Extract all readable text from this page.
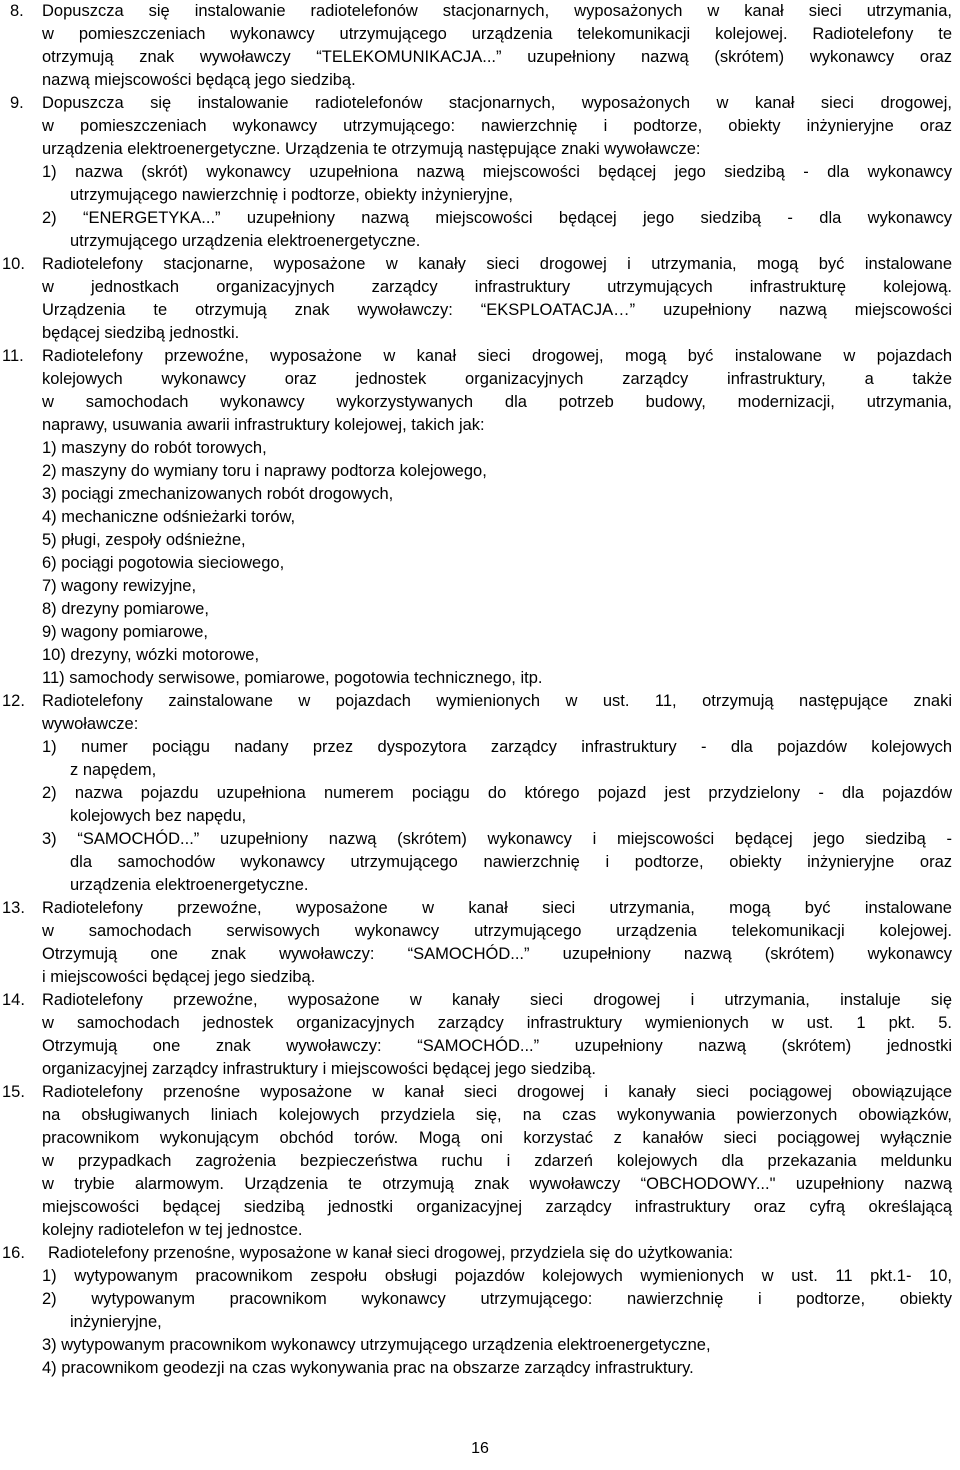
8. Dopuszcza się instalowanie radiotelefonów stacjonarnych, wyposażonych w kanał sieci utrzymania,
w pomieszczeniach wykonawcy utrzymującego urządzenia telekomunikacji kolejowej. Radiotelefony te
otrzymują znak wywoławczy “TELEKOMUNIKACJA...” uzupełniony nazwą (skrótem) wykonawcy oraz
nazwą miejscowości będącą jego siedzibą.
9. Dopuszcza się instalowanie radiotelefonów stacjonarnych, wyposażonych w kanał sieci drogowej,
w pomieszczeniach wykonawcy utrzymującego: nawierzchnię i podtorze, obiekty inżynieryjne oraz
urządzenia elektroenergetyczne. Urządzenia te otrzymują następujące znaki wywoławcze:
1) nazwa (skrót) wykonawcy uzupełniona nazwą miejscowości będącej jego siedzibą - dla wykonawcy
utrzymującego nawierzchnię i podtorze, obiekty inżynieryjne,
2) “ENERGETYKA...” uzupełniony nazwą miejscowości będącej jego siedzibą - dla wykonawcy
utrzymującego urządzenia elektroenergetyczne.
10. Radiotelefony stacjonarne, wyposażone w kanały sieci drogowej i utrzymania, mogą być instalowane
w jednostkach organizacyjnych zarządcy infrastruktury utrzymujących infrastrukturę kolejową.
Urządzenia te otrzymują znak wywoławczy: “EKSPLOATACJA…” uzupełniony nazwą miejscowości
będącej siedzibą jednostki.
11. Radiotelefony przewoźne, wyposażone w kanał sieci drogowej, mogą być instalowane w pojazdach
kolejowych wykonawcy oraz jednostek organizacyjnych zarządcy infrastruktury, a także
w samochodach wykonawcy wykorzystywanych dla potrzeb budowy, modernizacji, utrzymania,
naprawy, usuwania awarii infrastruktury kolejowej, takich jak:
1) maszyny do robót torowych,
2) maszyny do wymiany toru i naprawy podtorza kolejowego,
3) pociągi zmechanizowanych robót drogowych,
4) mechaniczne odśnieżarki torów,
5) pługi, zespoły odśnieżne,
6) pociągi pogotowia sieciowego,
7) wagony rewizyjne,
8) drezyny pomiarowe,
9) wagony pomiarowe,
10) drezyny, wózki motorowe,
11) samochody serwisowe, pomiarowe, pogotowia technicznego, itp.
12. Radiotelefony zainstalowane w pojazdach wymienionych w ust. 11, otrzymują następujące znaki
wywoławcze:
1) numer pociągu nadany przez dyspozytora zarządcy infrastruktury - dla pojazdów kolejowych
z napędem,
2) nazwa pojazdu uzupełniona numerem pociągu do którego pojazd jest przydzielony - dla pojazdów
kolejowych bez napędu,
3) “SAMOCHÓD...” uzupełniony nazwą (skrótem) wykonawcy i miejscowości będącej jego siedzibą -
dla samochodów wykonawcy utrzymującego nawierzchnię i podtorze, obiekty inżynieryjne oraz
urządzenia elektroenergetyczne.
13. Radiotelefony przewoźne, wyposażone w kanał sieci utrzymania, mogą być instalowane
w samochodach serwisowych wykonawcy utrzymującego urządzenia telekomunikacji kolejowej.
Otrzymują one znak wywoławczy: “SAMOCHÓD...” uzupełniony nazwą (skrótem) wykonawcy
i miejscowości będącej jego siedzibą.
14. Radiotelefony przewoźne, wyposażone w kanały sieci drogowej i utrzymania, instaluje się
w samochodach jednostek organizacyjnych zarządcy infrastruktury wymienionych w ust. 1 pkt. 5.
Otrzymują one znak wywoławczy: “SAMOCHÓD...” uzupełniony nazwą (skrótem) jednostki
organizacyjnej zarządcy infrastruktury i miejscowości będącej jego siedzibą.
15. Radiotelefony przenośne wyposażone w kanał sieci drogowej i kanały sieci pociągowej obowiązujące
na obsługiwanych liniach kolejowych przydziela się, na czas wykonywania powierzonych obowiązków,
pracownikom wykonującym obchód torów. Mogą oni korzystać z kanałów sieci pociągowej wyłącznie
w przypadkach zagrożenia bezpieczeństwa ruchu i zdarzeń kolejowych dla przekazania meldunku
w trybie alarmowym. Urządzenia te otrzymują znak wywoławczy “OBCHODOWY..." uzupełniony nazwą
miejscowości będącej siedzibą jednostki organizacyjnej zarządcy infrastruktury oraz cyfrą określającą
kolejny radiotelefon w tej jednostce.
16. Radiotelefony przenośne, wyposażone w kanał sieci drogowej, przydziela się do użytkowania:
1) wytypowanym pracownikom zespołu obsługi pojazdów kolejowych wymienionych w ust. 11 pkt.1- 10,
2) wytypowanym pracownikom wykonawcy utrzymującego: nawierzchnię i podtorze, obiekty
inżynieryjne,
3) wytypowanym pracownikom wykonawcy utrzymującego urządzenia elektroenergetyczne,
4) pracownikom geodezji na czas wykonywania prac na obszarze zarządcy infrastruktury.
16
